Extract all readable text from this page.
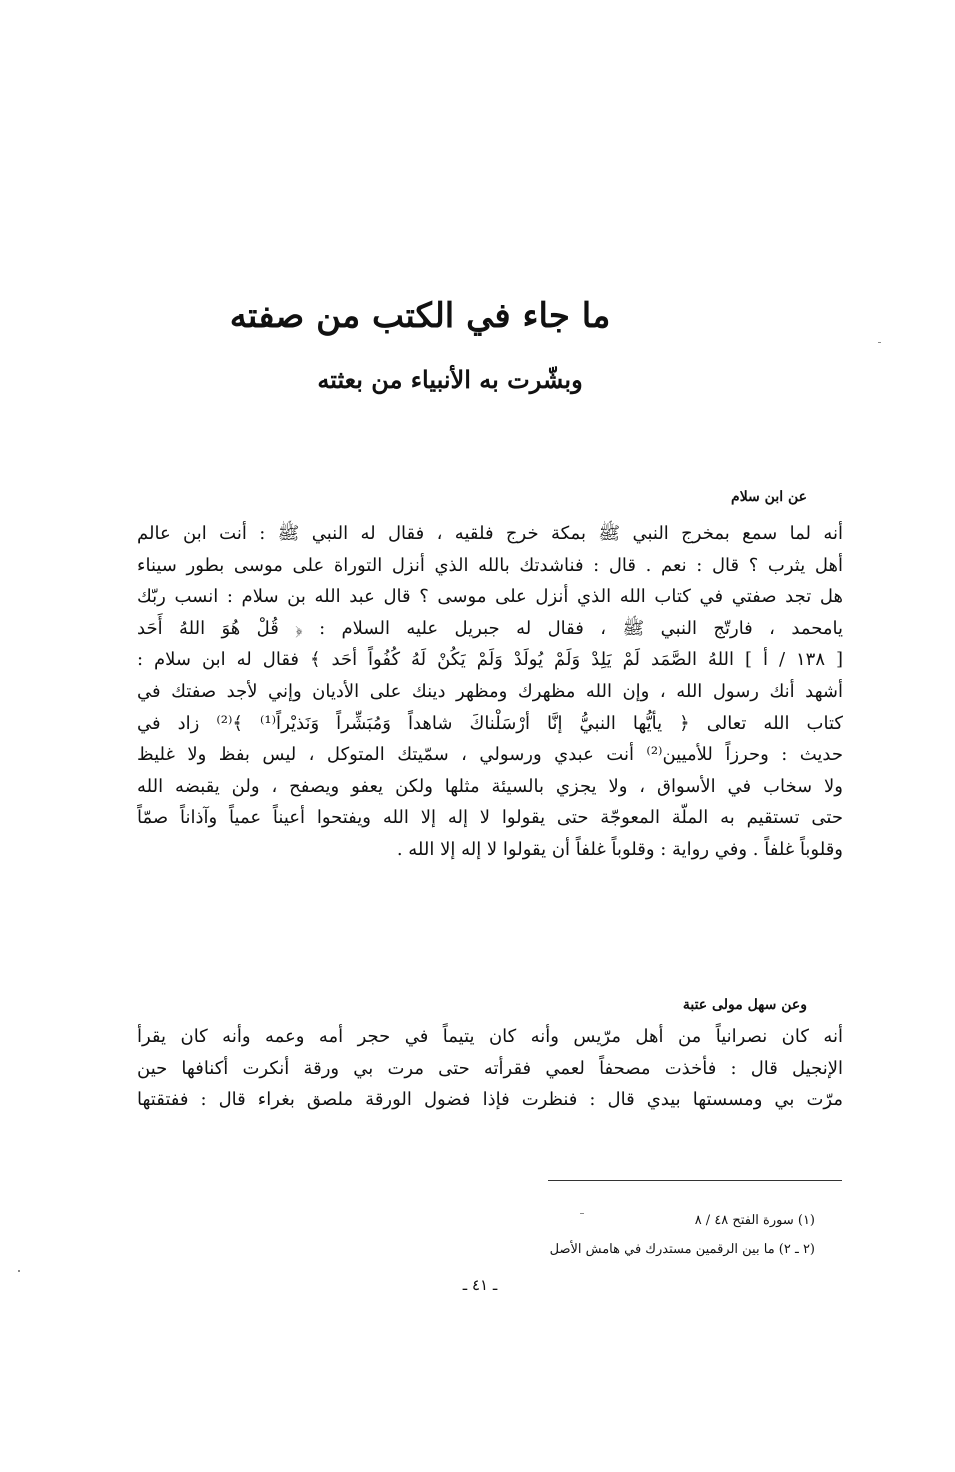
ما جاء في الكتب من صفته
وبشّرت به الأنبياء من بعثته
عن ابن سلام
أنه لما سمع بمخرج النبي ﷺ بمكة خرج فلقيه ، فقال له النبي ﷺ : أنت ابن عالم
أهل يثرب ؟ قال : نعم . قال : فناشدتك بالله الذي أنزل التوراة على موسى بطور سيناء
هل تجد صفتي في كتاب الله الذي أنزل على موسى ؟ قال عبد الله بن سلام : انسب ربّك
يامحمد ، فارتّج النبي ﷺ ، فقال له جبريل عليه السلام : ﴿ قُلْ هُوَ اللهُ أَحَد
[ ١٣٨ / أ ] اللهُ الصَّمَد لَمْ يَلِدْ وَلَمْ يُولَدْ وَلَمْ يَكُنْ لَهُ كُفُواً أحَد ﴾ فقال له ابن سلام :
أشهد أنك رسول الله ، وإن الله مظهرك ومظهر دينك على الأديان وإني لأجد صفتك في
كتاب الله تعالى ﴿ يأيُّها النبيُّ إنَّا أرْسَلْناكَ شاهداً وَمُبَشِّراً وَنَذيْراً⁽¹⁾ ﴾⁽²⁾ زاد في
حديث : وحرزاً للأميين⁽²⁾ أنت عبدي ورسولي ، سمّيتك المتوكل ، ليس بفظ ولا غليظ
ولا سخاب في الأسواق ، ولا يجزي بالسيئة مثلها ولكن يعفو ويصفح ، ولن يقبضه الله
حتى تستقيم به الملّة المعوجّة حتى يقولوا لا إله إلا الله ويفتحوا أعيناً عمياً وآذاناً صمّاً
وقلوباً غلفاً . وفي رواية : وقلوباً غلفاً أن يقولوا لا إله إلا الله .
وعن سهل مولى عتبة
أنه كان نصرانياً من أهل مرّيس وأنه كان يتيماً في حجر أمه وعمه وأنه كان يقرأ
الإنجيل قال : فأخذت مصحفاً لعمي فقرأته حتى مرت بي ورقة أنكرت أكنافها حين
مرّت بي ومسستها بيدي قال : فنظرت فإذا فضول الورقة ملصق بغراء قال : ففتقتها
(١) سورة الفتح ٤٨ / ٨
(٢ ـ ٢) ما بين الرقمين مستدرك في هامش الأصل
ـ ٤١ ـ
